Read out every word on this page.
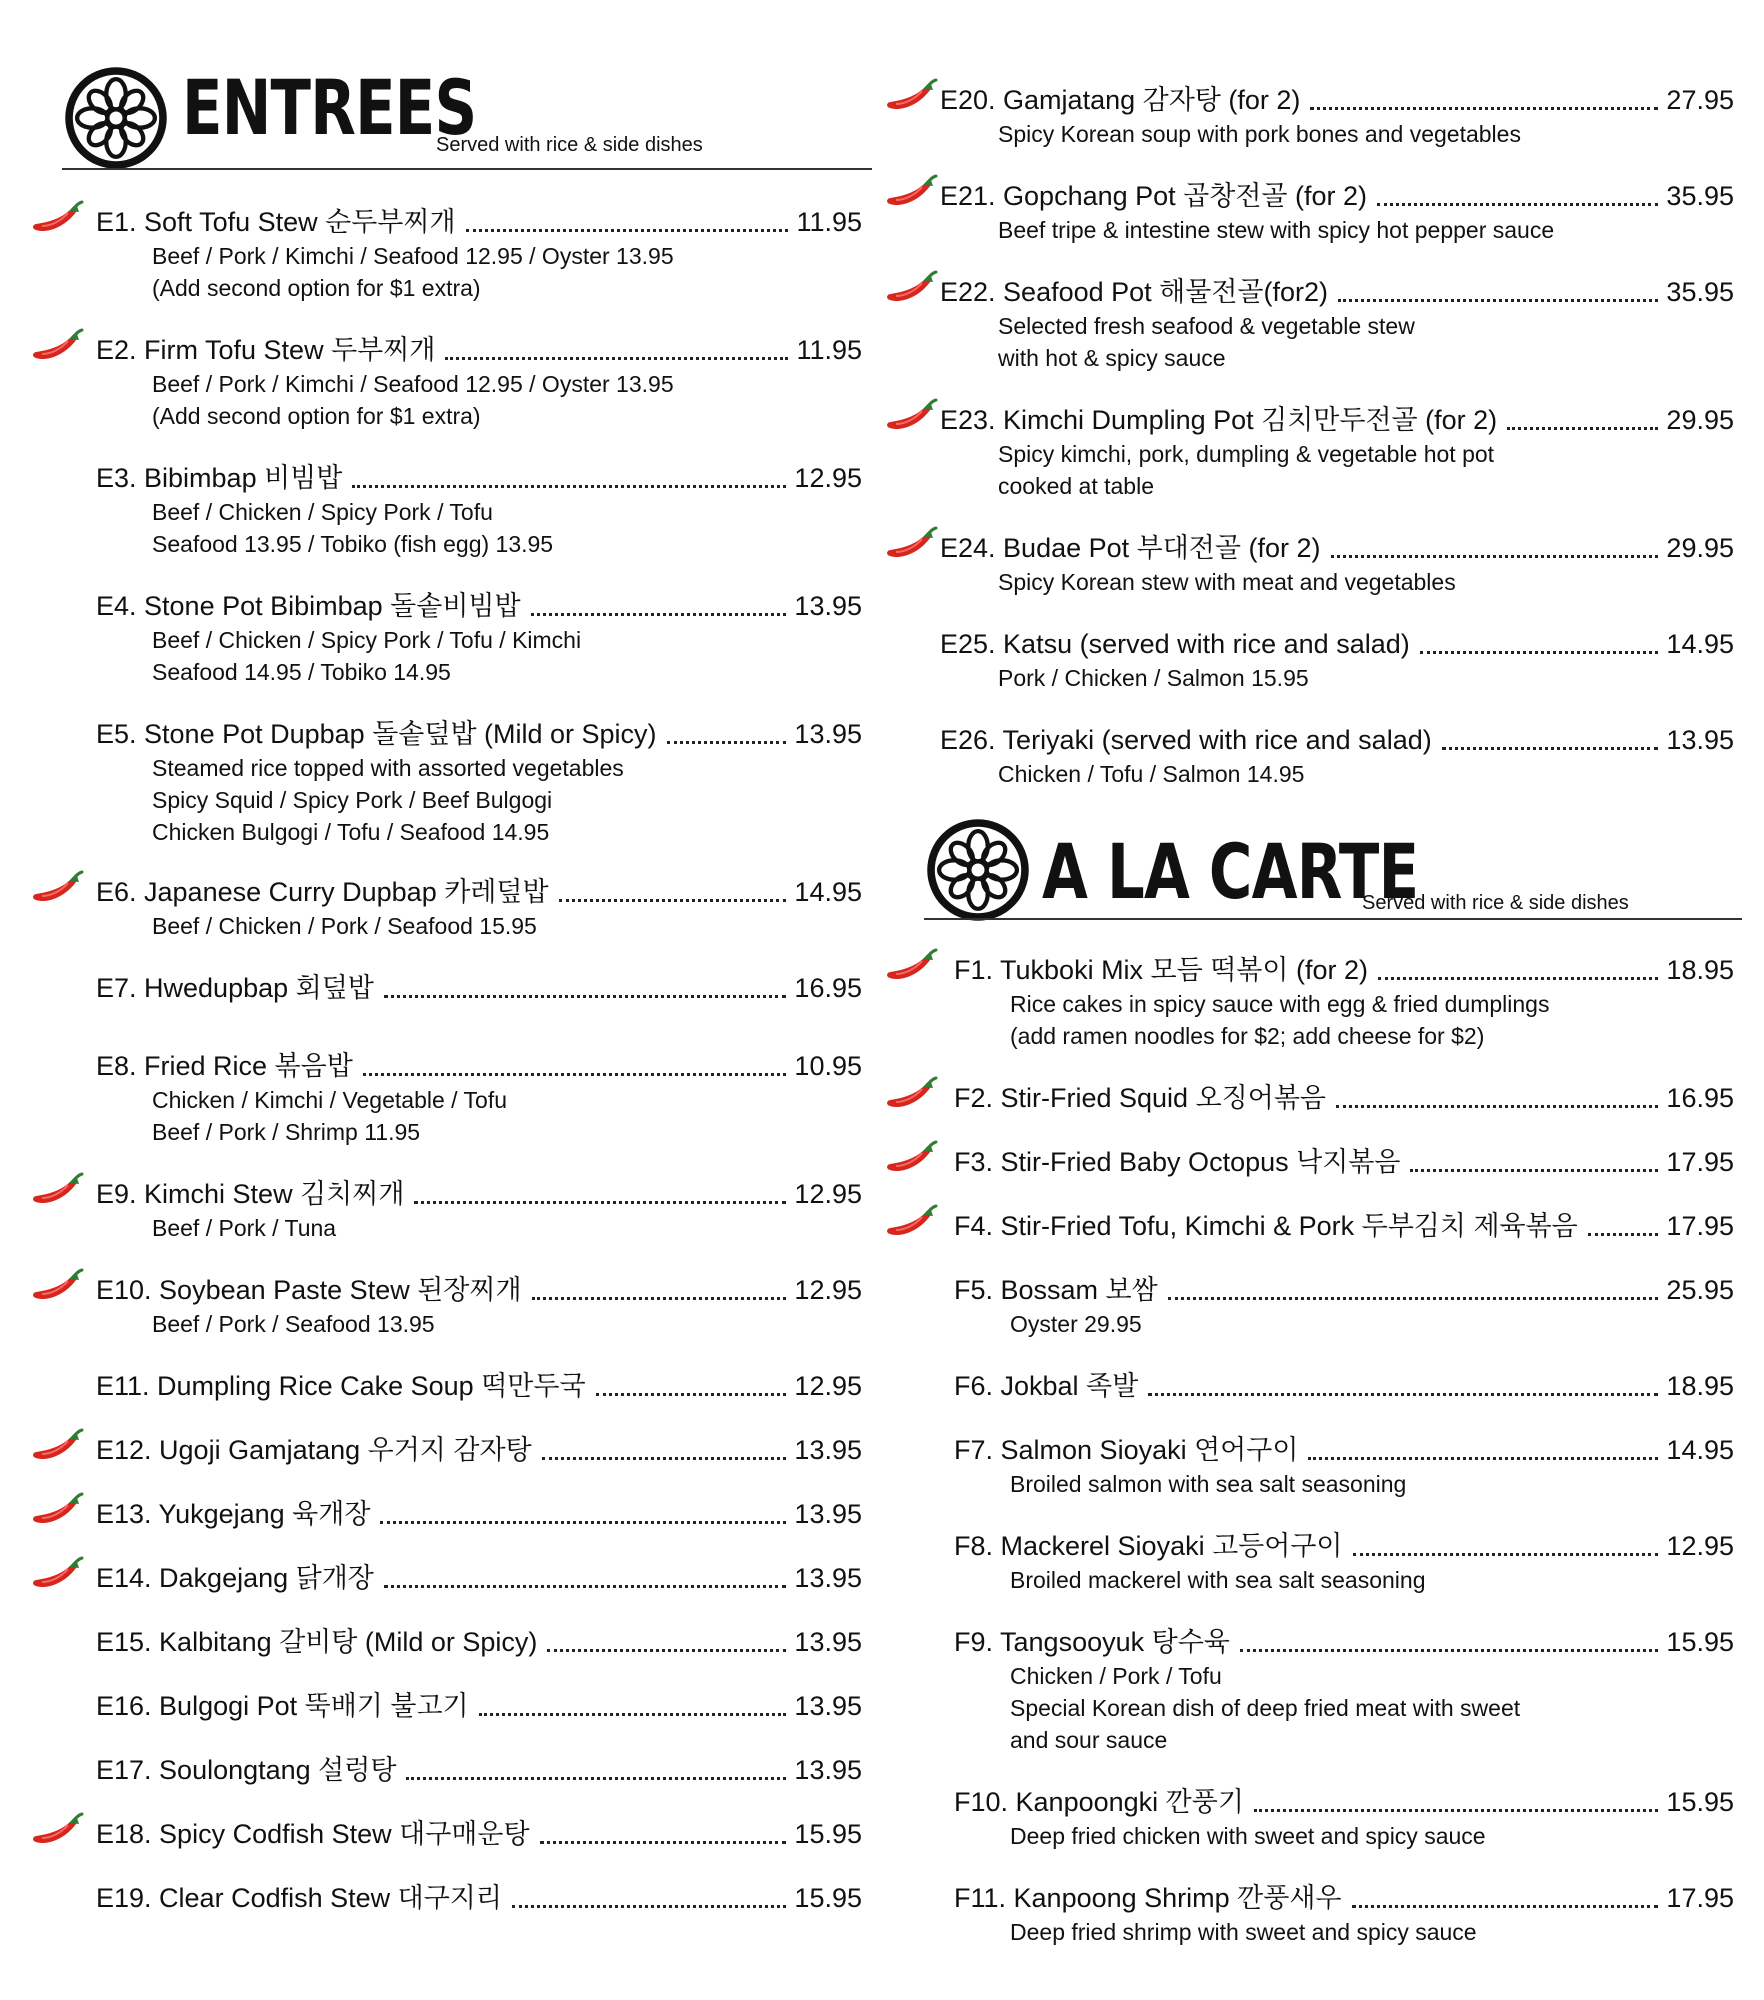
ENTREES
Served with rice & side dishes
E1. Soft Tofu Stew 순두부찌개	11.95
Beef / Pork / Kimchi / Seafood 12.95 / Oyster 13.95
(Add second option for $1 extra)
E2. Firm Tofu Stew 두부찌개	11.95
Beef / Pork / Kimchi / Seafood 12.95 / Oyster 13.95
(Add second option for $1 extra)
E3. Bibimbap 비빔밥	12.95
Beef / Chicken / Spicy Pork / Tofu
Seafood 13.95 / Tobiko (fish egg) 13.95
E4. Stone Pot Bibimbap 돌솥비빔밥	13.95
Beef / Chicken / Spicy Pork / Tofu / Kimchi
Seafood 14.95 / Tobiko 14.95
E5. Stone Pot Dupbap 돌솥덮밥 (Mild or Spicy)	13.95
Steamed rice topped with assorted vegetables
Spicy Squid / Spicy Pork / Beef Bulgogi
Chicken Bulgogi / Tofu / Seafood 14.95
E6. Japanese Curry Dupbap 카레덮밥	14.95
Beef / Chicken / Pork / Seafood 15.95
E7. Hwedupbap 회덮밥	16.95
E8. Fried Rice 볶음밥	10.95
Chicken / Kimchi / Vegetable / Tofu
Beef / Pork / Shrimp 11.95
E9. Kimchi Stew 김치찌개	12.95
Beef / Pork / Tuna
E10. Soybean Paste Stew 된장찌개	12.95
Beef / Pork / Seafood 13.95
E11. Dumpling Rice Cake Soup 떡만두국	12.95
E12. Ugoji Gamjatang 우거지 감자탕	13.95
E13. Yukgejang 육개장	13.95
E14. Dakgejang 닭개장	13.95
E15. Kalbitang 갈비탕 (Mild or Spicy)	13.95
E16. Bulgogi Pot 뚝배기 불고기	13.95
E17. Soulongtang 설렁탕	13.95
E18. Spicy Codfish Stew 대구매운탕	15.95
E19. Clear Codfish Stew 대구지리	15.95
E20. Gamjatang 감자탕 (for 2)	27.95
Spicy Korean soup with pork bones and vegetables
E21. Gopchang Pot 곱창전골 (for 2)	35.95
Beef tripe & intestine stew with spicy hot pepper sauce
E22. Seafood Pot 해물전골(for2)	35.95
Selected fresh seafood & vegetable stew
with hot & spicy sauce
E23. Kimchi Dumpling Pot 김치만두전골 (for 2)	29.95
Spicy kimchi, pork, dumpling & vegetable hot pot
cooked at table
E24. Budae Pot 부대전골 (for 2)	29.95
Spicy Korean stew with meat and vegetables
E25. Katsu (served with rice and salad)	14.95
Pork / Chicken / Salmon 15.95
E26. Teriyaki (served with rice and salad)	13.95
Chicken / Tofu / Salmon 14.95
A LA CARTE
Served with rice & side dishes
F1. Tukboki Mix 모듬 떡볶이 (for 2)	18.95
Rice cakes in spicy sauce with egg & fried dumplings
(add ramen noodles for $2; add cheese for $2)
F2. Stir-Fried Squid 오징어볶음	16.95
F3. Stir-Fried Baby Octopus 낙지볶음	17.95
F4. Stir-Fried Tofu, Kimchi & Pork 두부김치 제육볶음	17.95
F5. Bossam 보쌈	25.95
Oyster 29.95
F6. Jokbal 족발	18.95
F7. Salmon Sioyaki 연어구이	14.95
Broiled salmon with sea salt seasoning
F8. Mackerel Sioyaki 고등어구이	12.95
Broiled mackerel with sea salt seasoning
F9. Tangsooyuk 탕수육	15.95
Chicken / Pork / Tofu
Special Korean dish of deep fried meat with sweet
and sour sauce
F10. Kanpoongki 깐풍기	15.95
Deep fried chicken with sweet and spicy sauce
F11. Kanpoong Shrimp 깐풍새우	17.95
Deep fried shrimp with sweet and spicy sauce
